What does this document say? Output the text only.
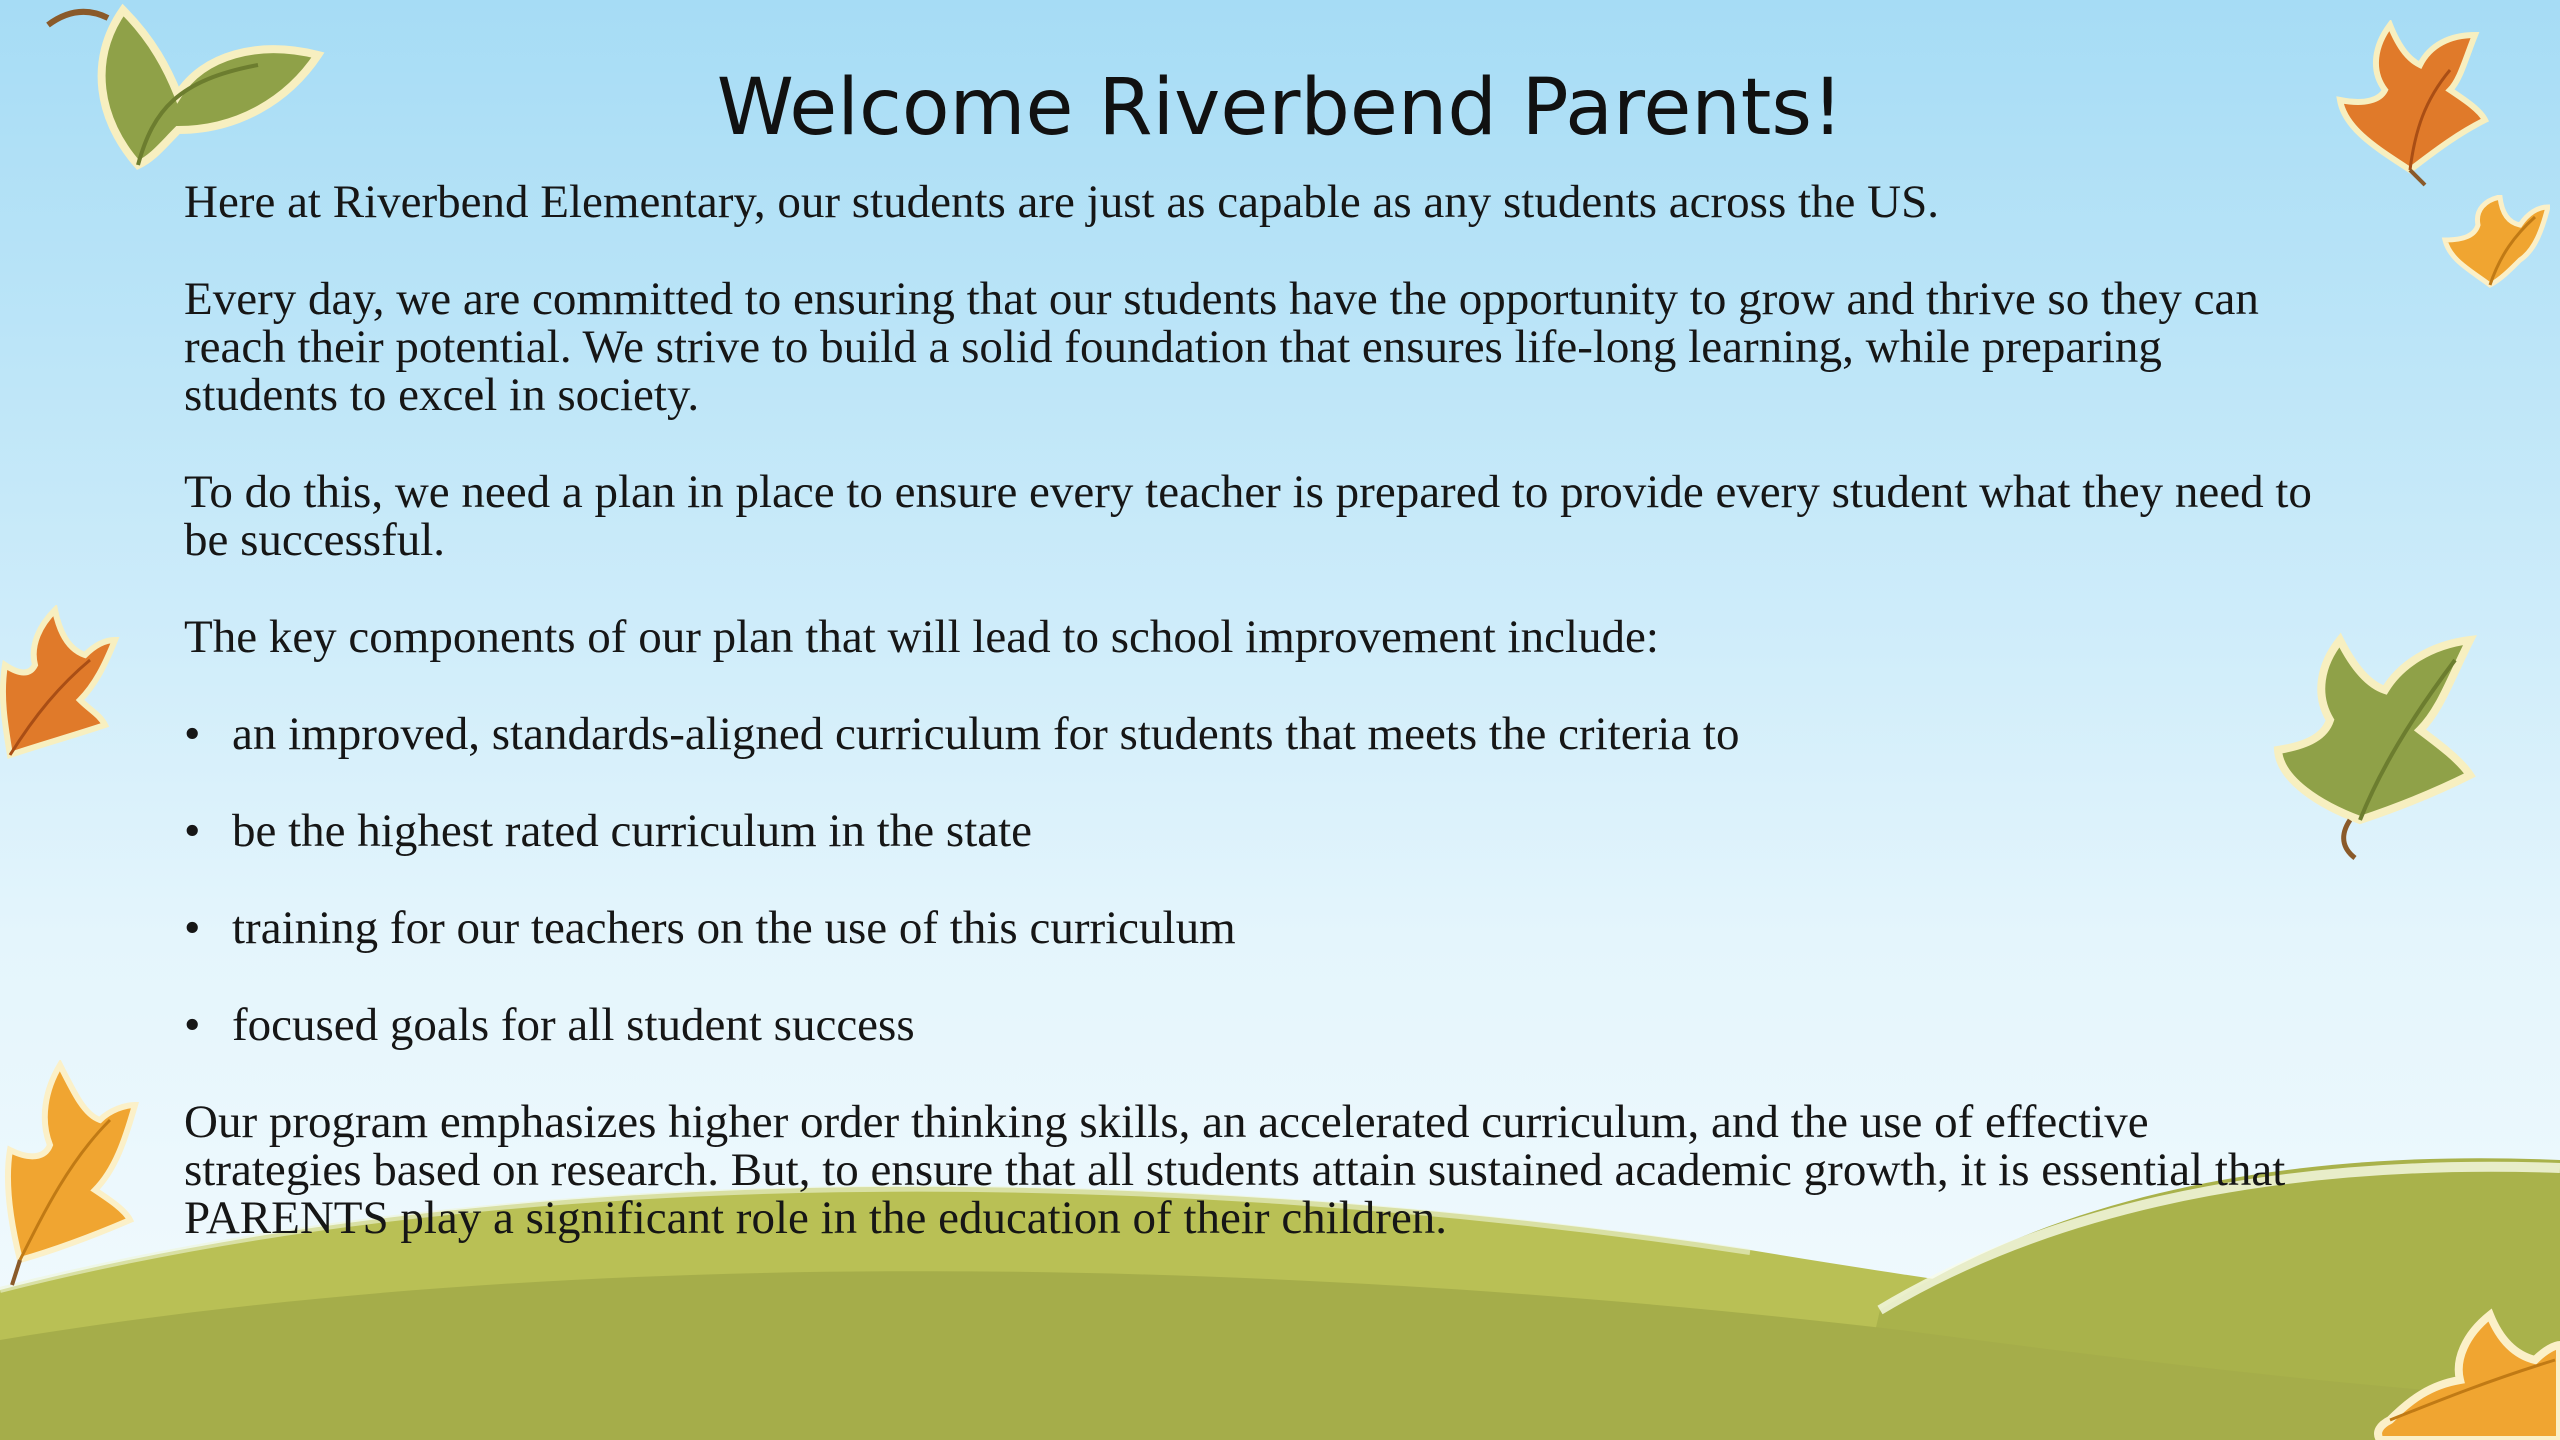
Welcome Riverbend Parents!

Here at Riverbend Elementary, our students are just as capable as any students across the US.

Every day, we are committed to ensuring that our students have the opportunity to grow and thrive so they can reach their potential. We strive to build a solid foundation that ensures life-long learning, while preparing students to excel in society.

To do this, we need a plan in place to ensure every teacher is prepared to provide every student what they need to be successful.

The key components of our plan that will lead to school improvement include:

• an improved, standards-aligned curriculum for students that meets the criteria to
• be the highest rated curriculum in the state
• training for our teachers on the use of this curriculum
• focused goals for all student success

Our program emphasizes higher order thinking skills, an accelerated curriculum, and the use of effective strategies based on research. But, to ensure that all students attain sustained academic growth, it is essential that PARENTS play a significant role in the education of their children.
